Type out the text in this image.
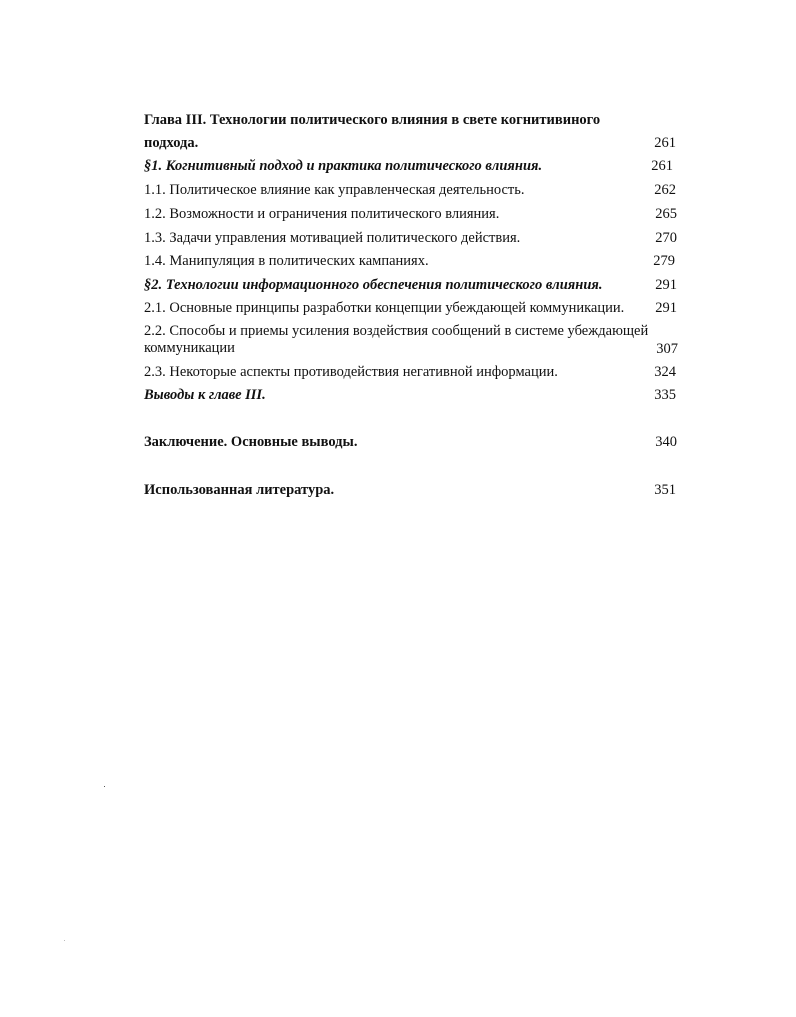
Глава III. Технологии политического влияния в свете когнитивиного
подхода.	261
§1. Когнитивный подход и практика политического влияния.	261
1.1. Политическое влияние как управленческая деятельность.	262
1.2. Возможности и ограничения политического влияния.	265
1.3. Задачи управления мотивацией политического действия.	270
1.4. Манипуляция в политических кампаниях.	279
§2. Технологии информационного обеспечения политического влияния.	291
2.1. Основные принципы разработки концепции убеждающей коммуникации.	291
2.2. Способы и приемы усиления воздействия сообщений в системе убеждающей коммуникации	307
2.3. Некоторые аспекты противодействия негативной информации.	324
Выводы к главе III.	335
Заключение. Основные выводы.	340
Использованная литература.	351
